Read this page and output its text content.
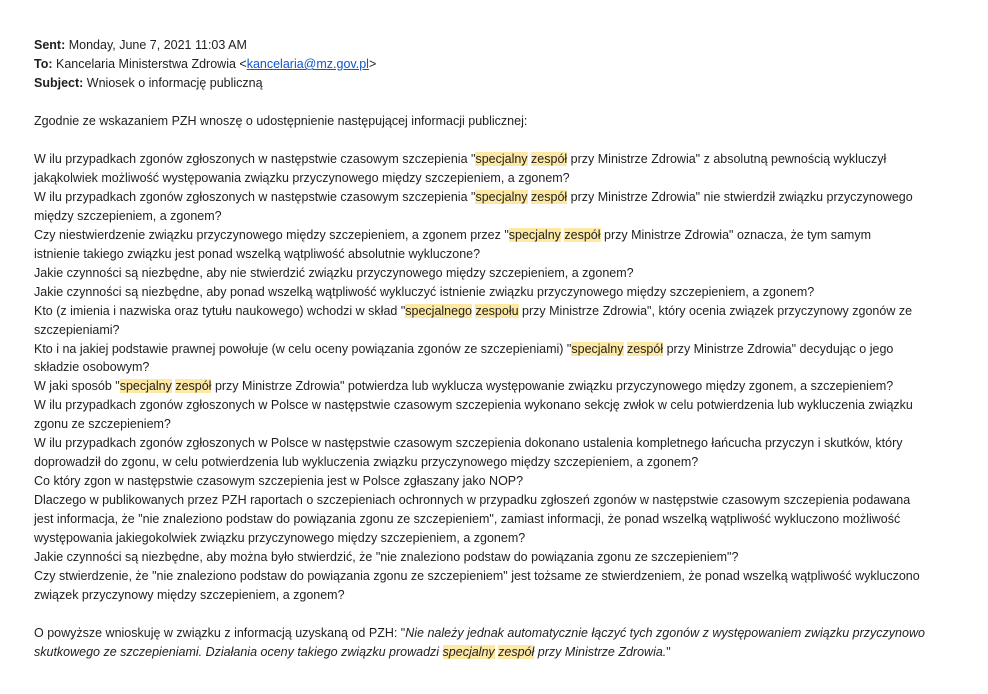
Sent: Monday, June 7, 2021 11:03 AM
To: Kancelaria Ministerstwa Zdrowia <kancelaria@mz.gov.pl>
Subject: Wniosek o informację publiczną
Zgodnie ze wskazaniem PZH wnoszę o udostępnienie następującej informacji publicznej:
W ilu przypadkach zgonów zgłoszonych w następstwie czasowym szczepienia "specjalny zespół przy Ministrze Zdrowia" z absolutną pewnością wykluczył
jakąkolwiek możliwość występowania związku przyczynowego między szczepieniem, a zgonem?
W ilu przypadkach zgonów zgłoszonych w następstwie czasowym szczepienia "specjalny zespół przy Ministrze Zdrowia" nie stwierdził związku przyczynowego
między szczepieniem, a zgonem?
Czy niestwierdzenie związku przyczynowego między szczepieniem, a zgonem przez "specjalny zespół przy Ministrze Zdrowia" oznacza, że tym samym
istnienie takiego związku jest ponad wszelką wątpliwość absolutnie wykluczone?
Jakie czynności są niezbędne, aby nie stwierdzić związku przyczynowego między szczepieniem, a zgonem?
Jakie czynności są niezbędne, aby ponad wszelką wątpliwość wykluczyć istnienie związku przyczynowego między szczepieniem, a zgonem?
Kto (z imienia i nazwiska oraz tytułu naukowego) wchodzi w skład "specjalnego zespołu przy Ministrze Zdrowia", który ocenia związek przyczynowy zgonów ze
szczepieniami?
Kto i na jakiej podstawie prawnej powołuje (w celu oceny powiązania zgonów ze szczepieniami) "specjalny zespół przy Ministrze Zdrowia" decydując o jego
składzie osobowym?
W jaki sposób "specjalny zespół przy Ministrze Zdrowia" potwierdza lub wyklucza występowanie związku przyczynowego między zgonem, a szczepieniem?
W ilu przypadkach zgonów zgłoszonych w Polsce w następstwie czasowym szczepienia wykonano sekcję zwłok w celu potwierdzenia lub wykluczenia związku
zgonu ze szczepieniem?
W ilu przypadkach zgonów zgłoszonych w Polsce w następstwie czasowym szczepienia dokonano ustalenia kompletnego łańcucha przyczyn i skutków, który
doprowadził do zgonu, w celu potwierdzenia lub wykluczenia związku przyczynowego między szczepieniem, a zgonem?
Co który zgon w następstwie czasowym szczepienia jest w Polsce zgłaszany jako NOP?
Dlaczego w publikowanych przez PZH raportach o szczepieniach ochronnych w przypadku zgłoszeń zgonów w następstwie czasowym szczepienia podawana
jest informacja, że "nie znaleziono podstaw do powiązania zgonu ze szczepieniem", zamiast informacji, że ponad wszelką wątpliwość wykluczono możliwość
występowania jakiegokolwiek związku przyczynowego między szczepieniem, a zgonem?
Jakie czynności są niezbędne, aby można było stwierdzić, że "nie znaleziono podstaw do powiązania zgonu ze szczepieniem"?
Czy stwierdzenie, że "nie znaleziono podstaw do powiązania zgonu ze szczepieniem" jest tożsame ze stwierdzeniem, że ponad wszelką wątpliwość wykluczono
związek przyczynowy między szczepieniem, a zgonem?
O powyższe wnioskuję w związku z informacją uzyskaną od PZH: "Nie należy jednak automatycznie łączyć tych zgonów z występowaniem związku przyczynowo
skutkowego ze szczepieniami. Działania oceny takiego związku prowadzi specjalny zespół przy Ministrze Zdrowia."
